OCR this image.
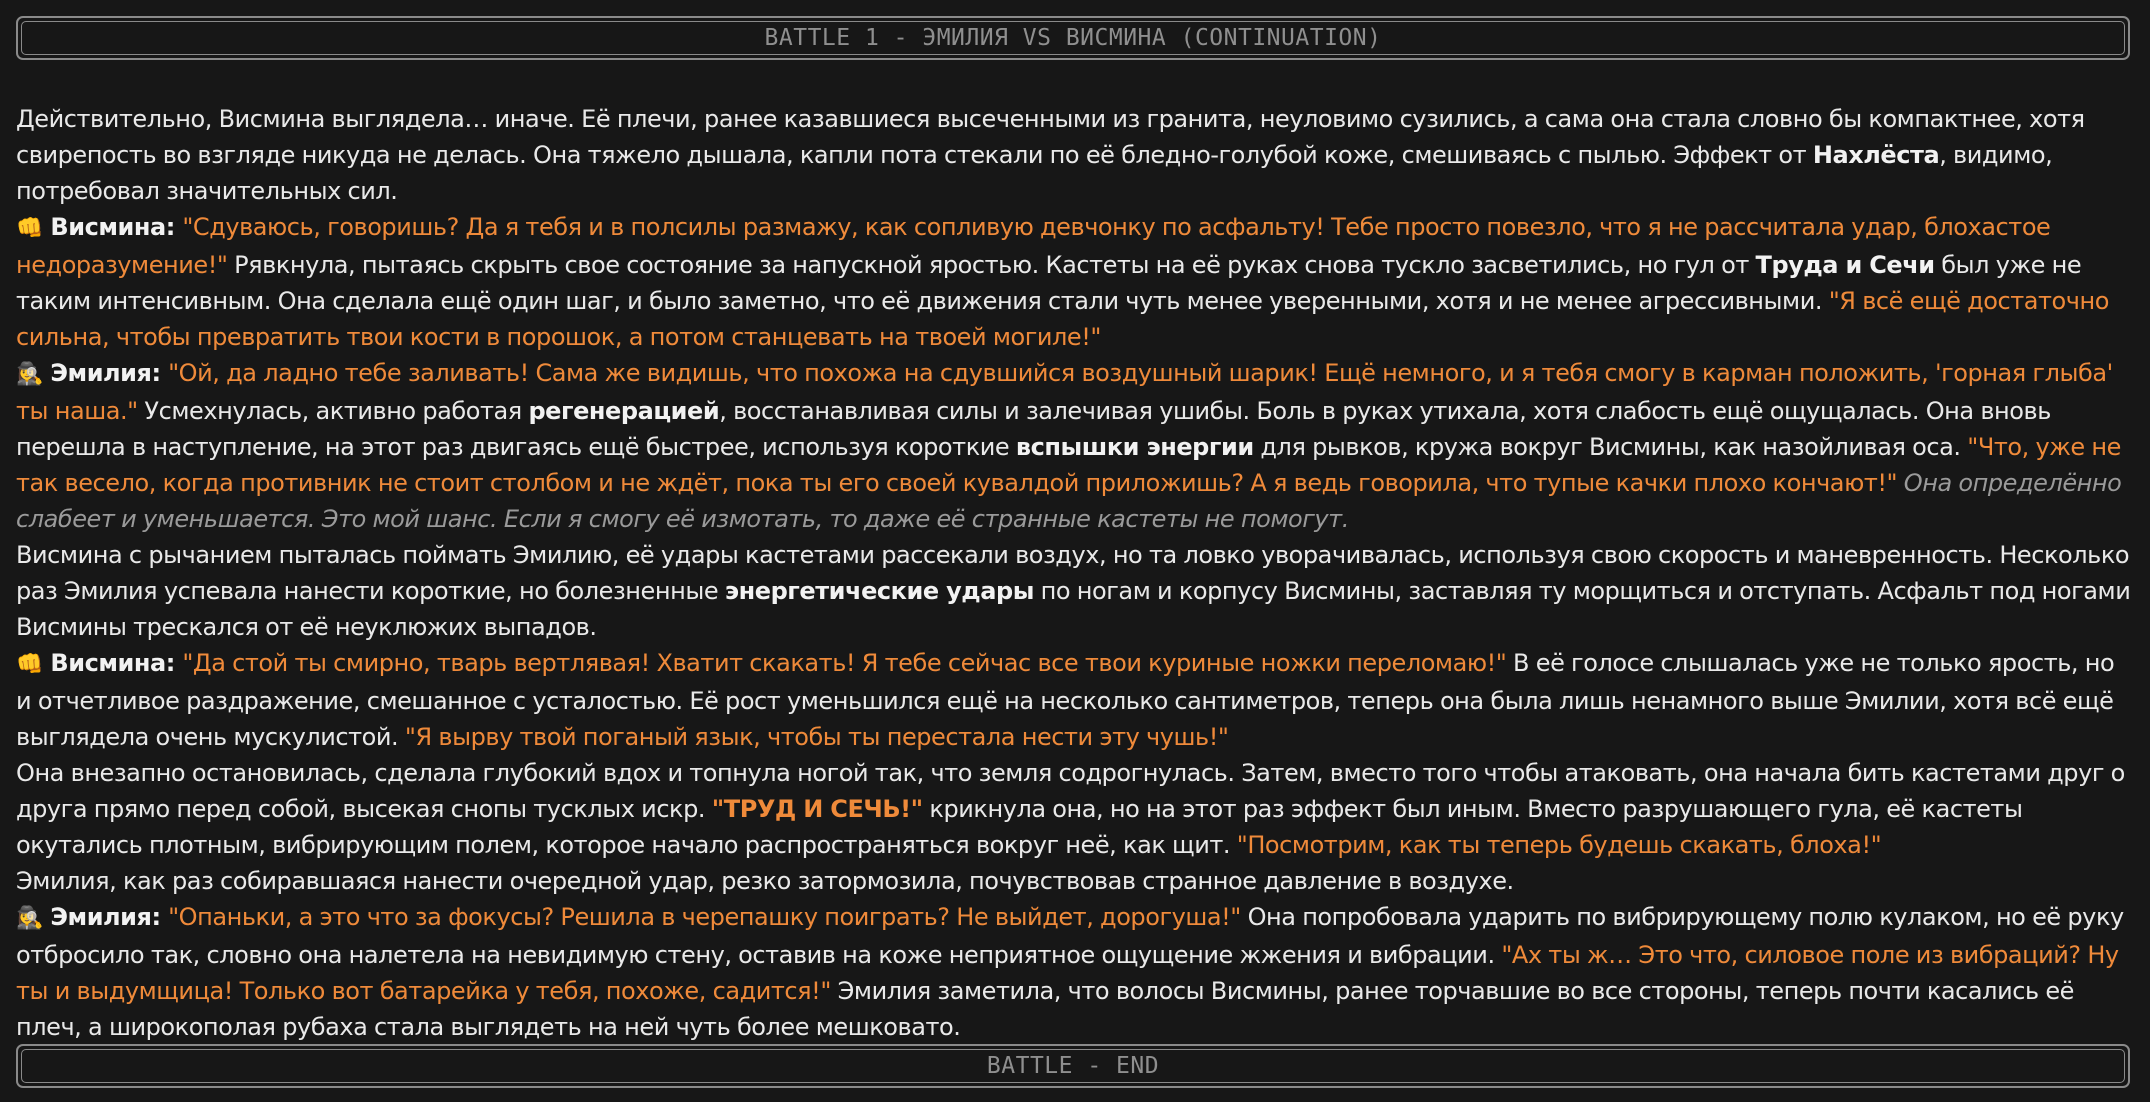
BATTLE 1 - ЭМИЛИЯ VS ВИСМИНА (CONTINUATION)

Действительно, Висмина выглядела… иначе. Её плечи, ранее казавшиеся высеченными из гранита, неуловимо сузились, а сама она стала словно бы компактнее, хотя свирепость во взгляде никуда не делась. Она тяжело дышала, капли пота стекали по её бледно-голубой коже, смешиваясь с пылью. Эффект от Нахлёста, видимо, потребовал значительных сил.

👊 Висмина: "Сдуваюсь, говоришь? Да я тебя и в полсилы размажу, как сопливую девчонку по асфальту! Тебе просто повезло, что я не рассчитала удар, блохастое недоразумение!" Рявкнула, пытаясь скрыть свое состояние за напускной яростью. Кастеты на её руках снова тускло засветились, но гул от Труда и Сечи был уже не таким интенсивным. Она сделала ещё один шаг, и было заметно, что её движения стали чуть менее уверенными, хотя и не менее агрессивными. "Я всё ещё достаточно сильна, чтобы превратить твои кости в порошок, а потом станцевать на твоей могиле!"

🕵️‍♀️ Эмилия: "Ой, да ладно тебе заливать! Сама же видишь, что похожа на сдувшийся воздушный шарик! Ещё немного, и я тебя смогу в карман положить, 'горная глыба' ты наша." Усмехнулась, активно работая регенерацией, восстанавливая силы и залечивая ушибы. Боль в руках утихала, хотя слабость ещё ощущалась. Она вновь перешла в наступление, на этот раз двигаясь ещё быстрее, используя короткие вспышки энергии для рывков, кружа вокруг Висмины, как назойливая оса. "Что, уже не так весело, когда противник не стоит столбом и не ждёт, пока ты его своей кувалдой приложишь? А я ведь говорила, что тупые качки плохо кончают!" Она определённо слабеет и уменьшается. Это мой шанс. Если я смогу её измотать, то даже её странные кастеты не помогут.

Висмина с рычанием пыталась поймать Эмилию, её удары кастетами рассекали воздух, но та ловко уворачивалась, используя свою скорость и маневренность. Несколько раз Эмилия успевала нанести короткие, но болезненные энергетические удары по ногам и корпусу Висмины, заставляя ту морщиться и отступать. Асфальт под ногами Висмины трескался от её неуклюжих выпадов.

👊 Висмина: "Да стой ты смирно, тварь вертлявая! Хватит скакать! Я тебе сейчас все твои куриные ножки переломаю!" В её голосе слышалась уже не только ярость, но и отчетливое раздражение, смешанное с усталостью. Её рост уменьшился ещё на несколько сантиметров, теперь она была лишь ненамного выше Эмилии, хотя всё ещё выглядела очень мускулистой. "Я вырву твой поганый язык, чтобы ты перестала нести эту чушь!"

Она внезапно остановилась, сделала глубокий вдох и топнула ногой так, что земля содрогнулась. Затем, вместо того чтобы атаковать, она начала бить кастетами друг о друга прямо перед собой, высекая снопы тусклых искр. "ТРУД И СЕЧЬ!" крикнула она, но на этот раз эффект был иным. Вместо разрушающего гула, её кастеты окутались плотным, вибрирующим полем, которое начало распространяться вокруг неё, как щит. "Посмотрим, как ты теперь будешь скакать, блоха!"

Эмилия, как раз собиравшаяся нанести очередной удар, резко затормозила, почувствовав странное давление в воздухе.

🕵️‍♀️ Эмилия: "Опаньки, а это что за фокусы? Решила в черепашку поиграть? Не выйдет, дорогуша!" Она попробовала ударить по вибрирующему полю кулаком, но её руку отбросило так, словно она налетела на невидимую стену, оставив на коже неприятное ощущение жжения и вибрации. "Ах ты ж… Это что, силовое поле из вибраций? Ну ты и выдумщица! Только вот батарейка у тебя, похоже, садится!" Эмилия заметила, что волосы Висмины, ранее торчавшие во все стороны, теперь почти касались её плеч, а широкополая рубаха стала выглядеть на ней чуть более мешковато.

BATTLE - END
